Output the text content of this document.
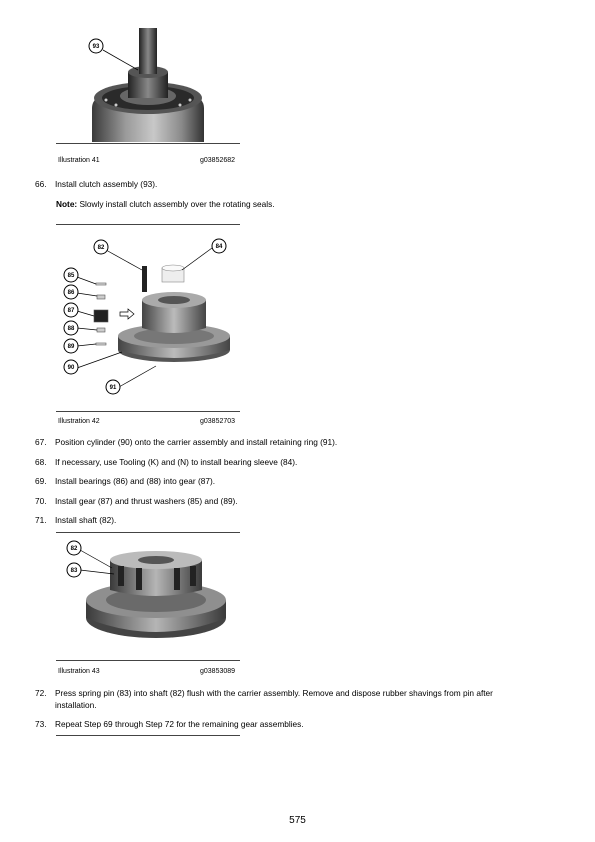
93
Illustration 41	g03852682
66. Install clutch assembly (93).
Note: Slowly install clutch assembly over the rotating seals.
82	84
85
86
87
88
89
90
91
Illustration 42	g03852703
67. Position cylinder (90) onto the carrier assembly and install retaining ring (91).
68. If necessary, use Tooling (K) and (N) to install bearing sleeve (84).
69. Install bearings (86) and (88) into gear (87).
70. Install gear (87) and thrust washers (85) and (89).
71. Install shaft (82).
82
83
Illustration 43	g03853089
72. Press spring pin (83) into shaft (82) flush with the carrier assembly. Remove and dispose rubber shavings from pin after installation.
73. Repeat Step 69 through Step 72 for the remaining gear assemblies.
575
